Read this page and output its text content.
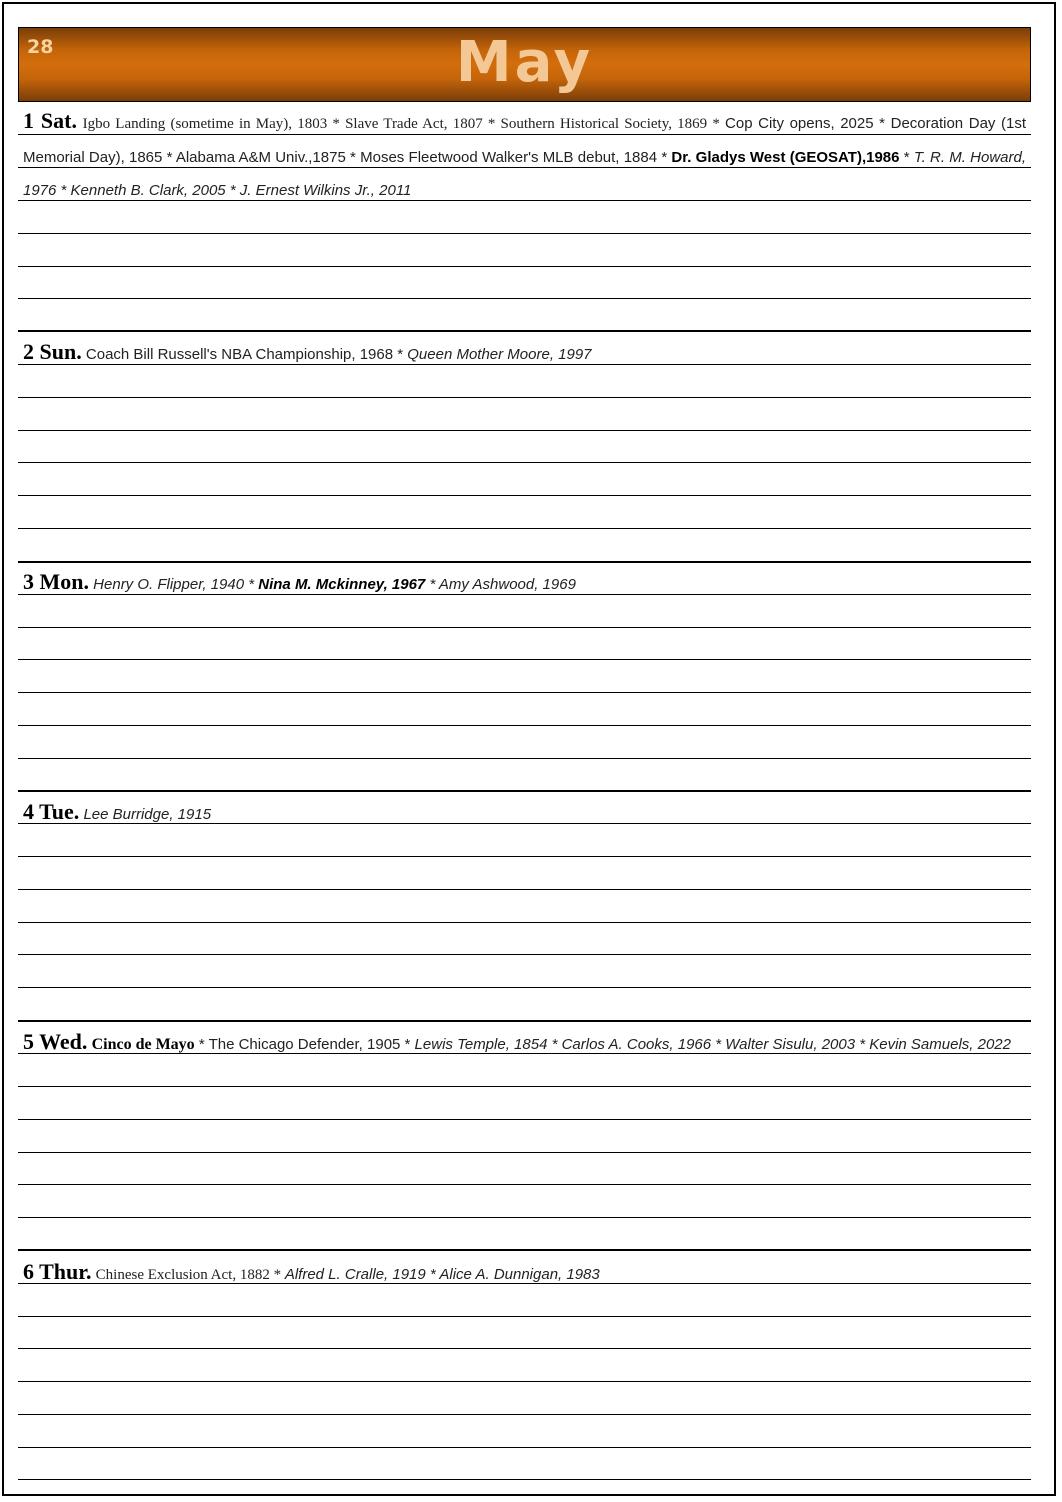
28	May
1 Sat. Igbo Landing (sometime in May), 1803 * Slave Trade Act, 1807 * Southern Historical Society, 1869 * Cop City opens, 2025 * Decoration Day (1st Memorial Day), 1865 * Alabama A&M Univ.,1875 * Moses Fleetwood Walker's MLB debut, 1884 * Dr. Gladys West (GEOSAT),1986 * T. R. M. Howard, 1976 * Kenneth B. Clark, 2005 * J. Ernest Wilkins Jr., 2011
2 Sun. Coach Bill Russell's NBA Championship, 1968 * Queen Mother Moore, 1997
3 Mon. Henry O. Flipper, 1940 * Nina M. Mckinney, 1967 * Amy Ashwood, 1969
4 Tue. Lee Burridge, 1915
5 Wed. Cinco de Mayo * The Chicago Defender, 1905 * Lewis Temple, 1854 * Carlos A. Cooks, 1966 * Walter Sisulu, 2003 * Kevin Samuels, 2022
6 Thur. Chinese Exclusion Act, 1882 * Alfred L. Cralle, 1919 * Alice A. Dunnigan, 1983
